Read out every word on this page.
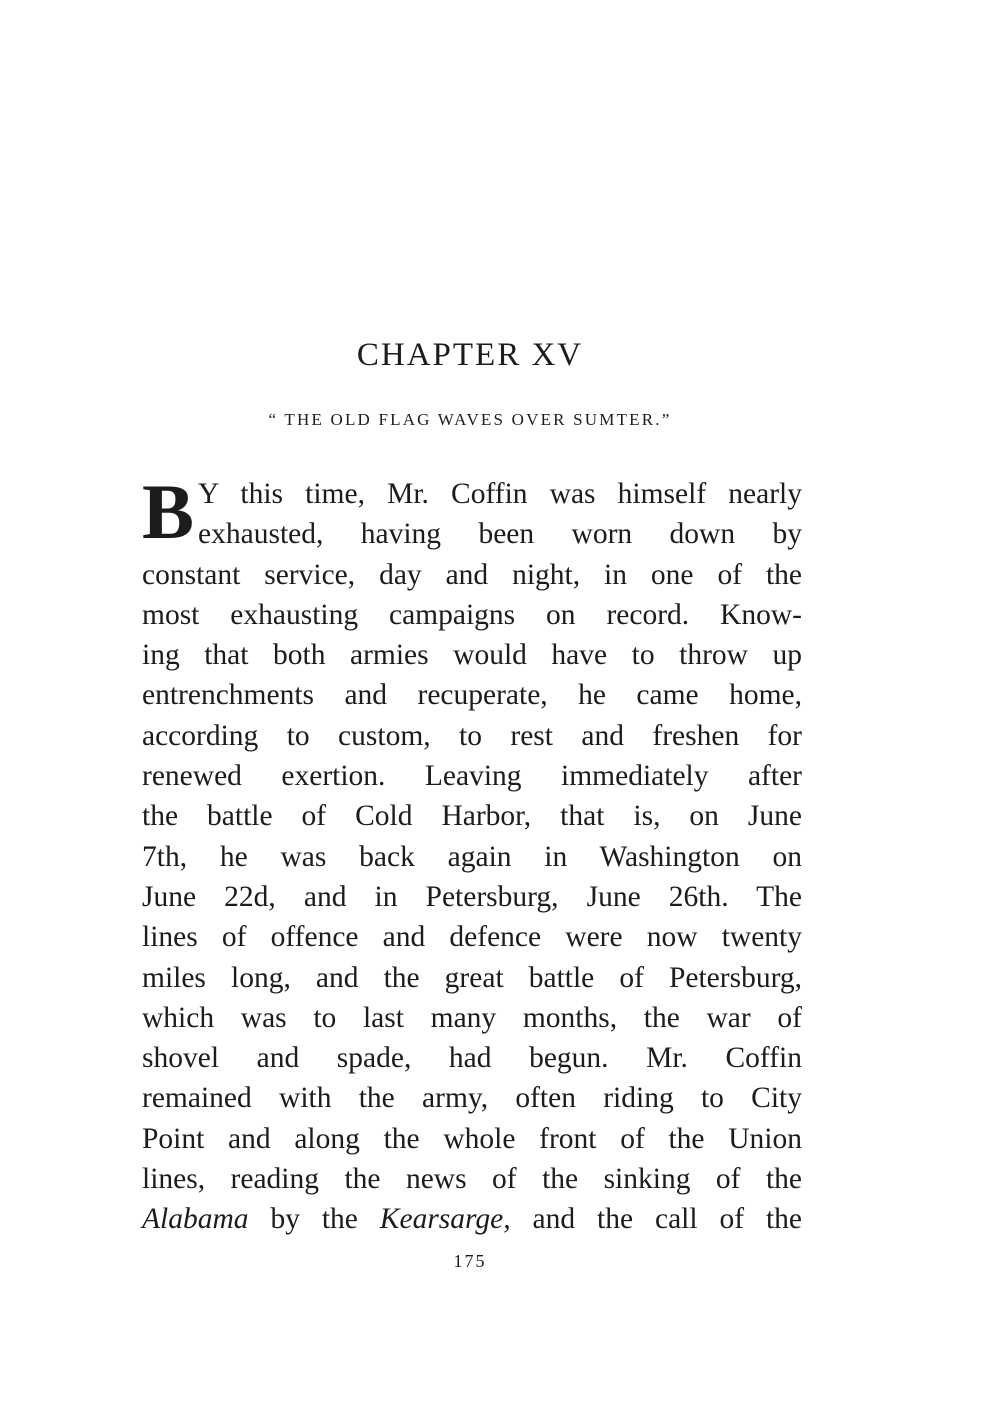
CHAPTER XV

“ THE OLD FLAG WAVES OVER SUMTER.”

B Y this time, Mr. Coffin was himself nearly
exhausted, having been worn down by
constant service, day and night, in one of the
most exhausting campaigns on record. Know-
ing that both armies would have to throw up
entrenchments and recuperate, he came home,
according to custom, to rest and freshen for
renewed exertion. Leaving immediately after
the battle of Cold Harbor, that is, on June
7th, he was back again in Washington on
June 22d, and in Petersburg, June 26th. The
lines of offence and defence were now twenty
miles long, and the great battle of Petersburg,
which was to last many months, the war of
shovel and spade, had begun. Mr. Coffin
remained with the army, often riding to City
Point and along the whole front of the Union
lines, reading the news of the sinking of the
Alabama by the Kearsarge, and the call of the

175
